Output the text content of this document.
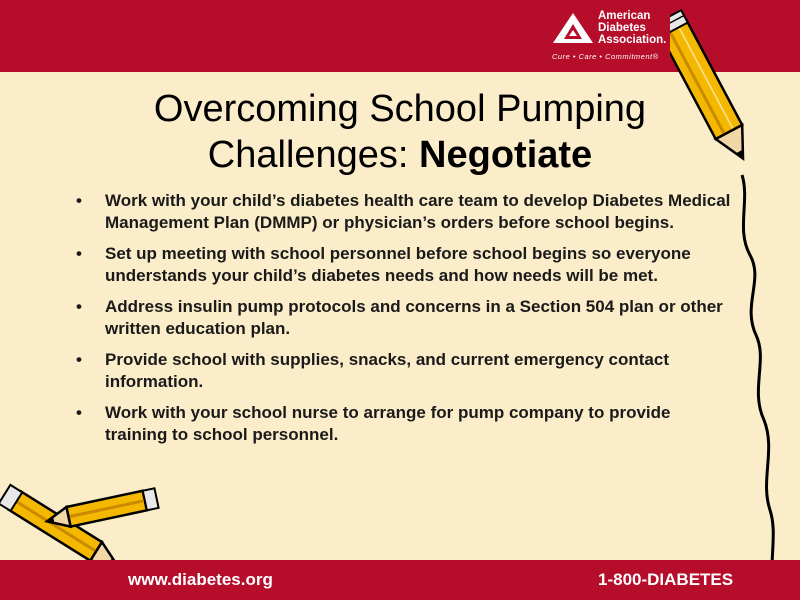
American
Diabetes
Association.
Cure • Care • Commitment®
Overcoming School Pumping Challenges: Negotiate
• Work with your child’s diabetes health care team to develop Diabetes Medical Management Plan (DMMP) or physician’s orders before school begins.
• Set up meeting with school personnel before school begins so everyone understands your child’s diabetes needs and how needs will be met.
• Address insulin pump protocols and concerns in a Section 504 plan or other written education plan.
• Provide school with supplies, snacks, and current emergency contact information.
• Work with your school nurse to arrange for pump company to provide training to school personnel.
www.diabetes.org	1-800-DIABETES
